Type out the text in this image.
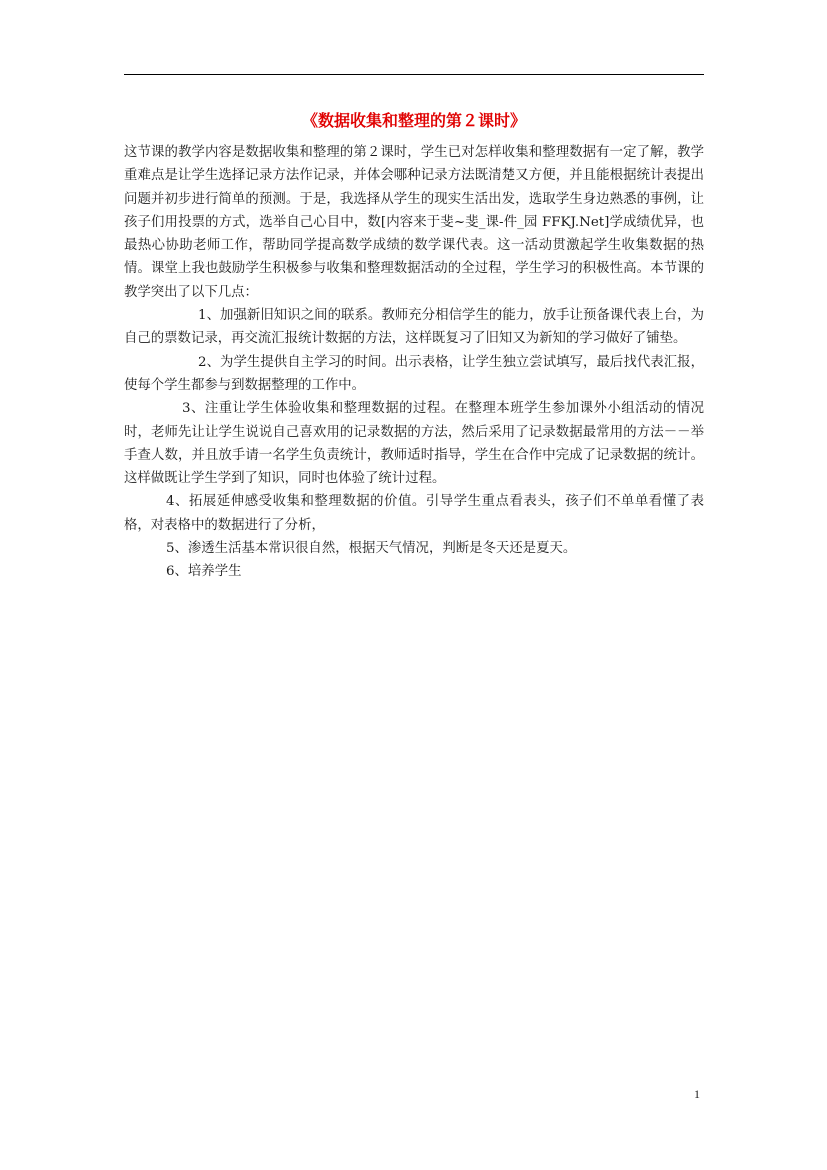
《数据收集和整理的第２课时》

这节课的教学内容是数据收集和整理的第２课时，学生已对怎样收集和整理数据有一定了解，教学重难点是让学生选择记录方法作记录，并体会哪种记录方法既清楚又方便，并且能根据统计表提出问题并初步进行简单的预测。于是，我选择从学生的现实生活出发，选取学生身边熟悉的事例，让孩子们用投票的方式，选举自己心目中，数[内容来于斐~斐_课-件_园 FFKJ.Net]学成绩优异，也最热心协助老师工作，帮助同学提高数学成绩的数学课代表。这一活动贯激起学生收集数据的热情。课堂上我也鼓励学生积极参与收集和整理数据活动的全过程，学生学习的积极性高。本节课的教学突出了以下几点：

1、加强新旧知识之间的联系。教师充分相信学生的能力，放手让预备课代表上台，为自己的票数记录，再交流汇报统计数据的方法，这样既复习了旧知又为新知的学习做好了铺垫。

2、为学生提供自主学习的时间。出示表格，让学生独立尝试填写，最后找代表汇报，使每个学生都参与到数据整理的工作中。

3、注重让学生体验收集和整理数据的过程。在整理本班学生参加课外小组活动的情况时，老师先让让学生说说自己喜欢用的记录数据的方法，然后采用了记录数据最常用的方法－－举手查人数，并且放手请一名学生负责统计，教师适时指导，学生在合作中完成了记录数据的统计。这样做既让学生学到了知识，同时也体验了统计过程。

4、拓展延伸感受收集和整理数据的价值。引导学生重点看表头，孩子们不单单看懂了表格，对表格中的数据进行了分析，

5、渗透生活基本常识很自然，根据天气情况，判断是冬天还是夏天。

6、培养学生

1
